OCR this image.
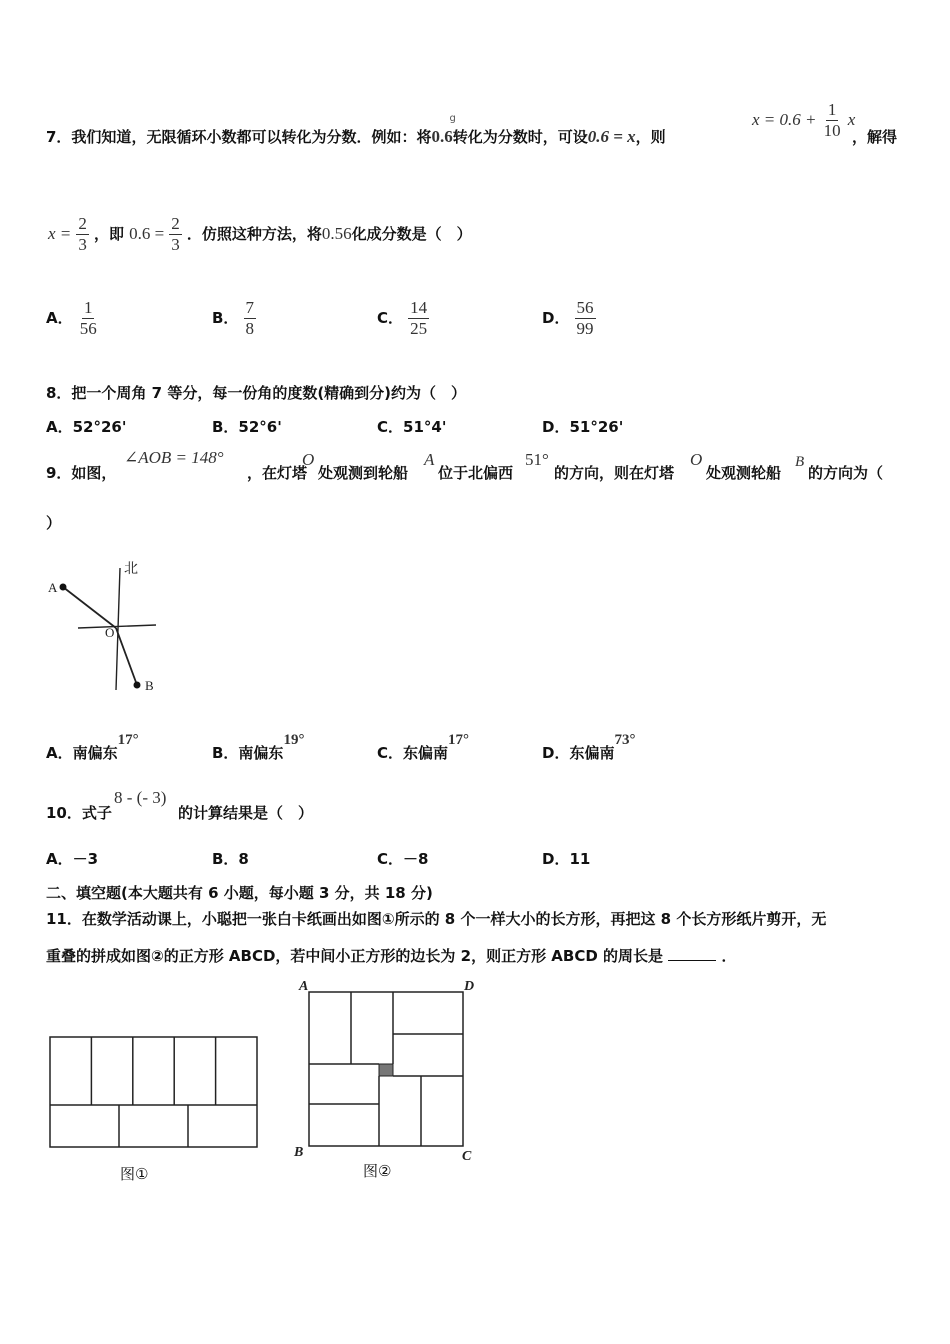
7．我们知道，无限循环小数都可以转化为分数．例如：将0.6
g
转化为分数时，可设0.6 = x，则
$x = 0.6 + \frac{1}{10}$ x
，解得
$x = \frac{2}{3}$ ，即 $0.6 = \frac{2}{3}$ ．仿照这种方法，将0.56化成分数是（　）
A． $\frac{1}{56}$	B． $\frac{7}{8}$	C． $\frac{14}{25}$	D． $\frac{56}{99}$
8．把一个周角 7 等分，每一份角的度数(精确到分)约为（　）
A．52°26'	B．52°6'	C．51°4'	D．51°26'
9．如图，
∠AOB = 148°
，在灯塔
O
处观测到轮船
A
位于北偏西
51°
的方向，则在灯塔
O
处观测轮船
B
的方向为（
）
北
A
O
B
A．南偏东17°
B．南偏东19°
C．东偏南17°
D．东偏南73°
10．式子
8 - (- 3)
的计算结果是（　）
A．－3	B．8	C．－8	D．11
二、填空题(本大题共有 6 小题，每小题 3 分，共 18 分)
11．在数学活动课上，小聪把一张白卡纸画出如图①所示的 8 个一样大小的长方形，再把这 8 个长方形纸片剪开，无
重叠的拼成如图②的正方形 ABCD，若中间小正方形的边长为 2，则正方形 ABCD 的周长是	．
图①
A	D
B	C
图②
